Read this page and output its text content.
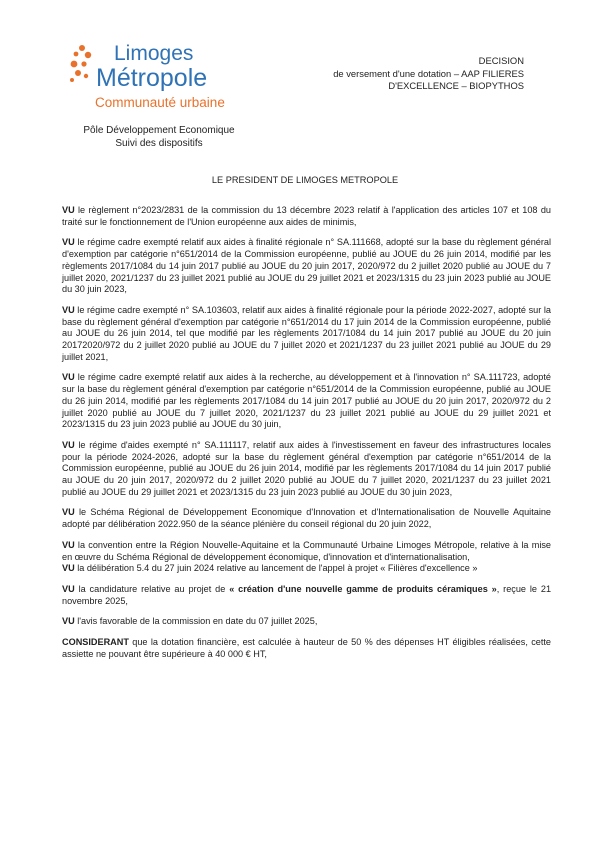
Limoges
Métropole
Communauté urbaine
Pôle Développement Economique
Suivi des dispositifs
DECISION
de versement d'une dotation – AAP FILIERES
D'EXCELLENCE – BIOPYTHOS
LE PRESIDENT DE LIMOGES METROPOLE

VU le règlement n°2023/2831 de la commission du 13 décembre 2023 relatif à l'application des articles 107 et 108 du traité sur le fonctionnement de l'Union européenne aux aides de minimis,

VU le régime cadre exempté relatif aux aides à finalité régionale n° SA.111668, adopté sur la base du règlement général d'exemption par catégorie n°651/2014 de la Commission européenne, publié au JOUE du 26 juin 2014, modifié par les règlements 2017/1084 du 14 juin 2017 publié au JOUE du 20 juin 2017, 2020/972 du 2 juillet 2020 publié au JOUE du 7 juillet 2020, 2021/1237 du 23 juillet 2021 publié au JOUE du 29 juillet 2021 et 2023/1315 du 23 juin 2023 publié au JOUE du 30 juin 2023,

VU le régime cadre exempté n° SA.103603, relatif aux aides à finalité régionale pour la période 2022-2027, adopté sur la base du règlement général d'exemption par catégorie n°651/2014 du 17 juin 2014 de la Commission européenne, publié au JOUE du 26 juin 2014, tel que modifié par les règlements 2017/1084 du 14 juin 2017 publié au JOUE du 20 juin 20172020/972 du 2 juillet 2020 publié au JOUE du 7 juillet 2020 et 2021/1237 du 23 juillet 2021 publié au JOUE du 29 juillet 2021,

VU le régime cadre exempté relatif aux aides à la recherche, au développement et à l'innovation n° SA.111723, adopté sur la base du règlement général d'exemption par catégorie n°651/2014 de la Commission européenne, publié au JOUE du 26 juin 2014, modifié par les règlements 2017/1084 du 14 juin 2017 publié au JOUE du 20 juin 2017, 2020/972 du 2 juillet 2020 publié au JOUE du 7 juillet 2020, 2021/1237 du 23 juillet 2021 publié au JOUE du 29 juillet 2021 et 2023/1315 du 23 juin 2023 publié au JOUE du 30 juin,

VU le régime d'aides exempté n° SA.111117, relatif aux aides à l'investissement en faveur des infrastructures locales pour la période 2024-2026, adopté sur la base du règlement général d'exemption par catégorie n°651/2014 de la Commission européenne, publié au JOUE du 26 juin 2014, modifié par les règlements 2017/1084 du 14 juin 2017 publié au JOUE du 20 juin 2017, 2020/972 du 2 juillet 2020 publié au JOUE du 7 juillet 2020, 2021/1237 du 23 juillet 2021 publié au JOUE du 29 juillet 2021 et 2023/1315 du 23 juin 2023 publié au JOUE du 30 juin 2023,

VU le Schéma Régional de Développement Economique d'Innovation et d'Internationalisation de Nouvelle Aquitaine adopté par délibération 2022.950 de la séance plénière du conseil régional du 20 juin 2022,

VU la convention entre la Région Nouvelle-Aquitaine et la Communauté Urbaine Limoges Métropole, relative à la mise en œuvre du Schéma Régional de développement économique, d'innovation et d'internationalisation,

VU la délibération 5.4 du 27 juin 2024 relative au lancement de l'appel à projet « Filières d'excellence »

VU la candidature relative au projet de « création d'une nouvelle gamme de produits céramiques », reçue le 21 novembre 2025,

VU l'avis favorable de la commission en date du 07 juillet 2025,

CONSIDERANT que la dotation financière, est calculée à hauteur de 50 % des dépenses HT éligibles réalisées, cette assiette ne pouvant être supérieure à 40 000 € HT,
